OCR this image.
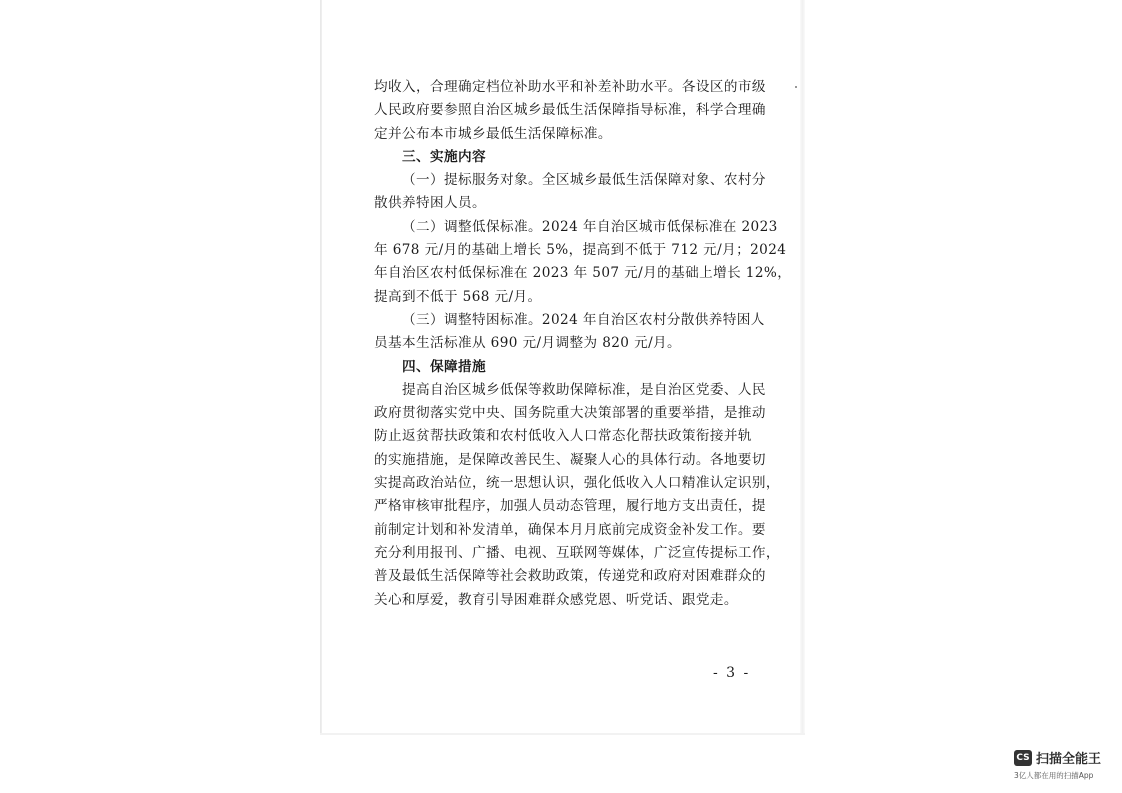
均收入，合理确定档位补助水平和补差补助水平。各设区的市级
人民政府要参照自治区城乡最低生活保障指导标准，科学合理确
定并公布本市城乡最低生活保障标准。
三、实施内容
（一）提标服务对象。全区城乡最低生活保障对象、农村分
散供养特困人员。
（二）调整低保标准。2024 年自治区城市低保标准在 2023
年 678 元/月的基础上增长 5%，提高到不低于 712 元/月；2024
年自治区农村低保标准在 2023 年 507 元/月的基础上增长 12%，
提高到不低于 568 元/月。
（三）调整特困标准。2024 年自治区农村分散供养特困人
员基本生活标准从 690 元/月调整为 820 元/月。
四、保障措施
提高自治区城乡低保等救助保障标准，是自治区党委、人民
政府贯彻落实党中央、国务院重大决策部署的重要举措，是推动
防止返贫帮扶政策和农村低收入人口常态化帮扶政策衔接并轨
的实施措施，是保障改善民生、凝聚人心的具体行动。各地要切
实提高政治站位，统一思想认识，强化低收入人口精准认定识别，
严格审核审批程序，加强人员动态管理，履行地方支出责任，提
前制定计划和补发清单，确保本月月底前完成资金补发工作。要
充分利用报刊、广播、电视、互联网等媒体，广泛宣传提标工作，
普及最低生活保障等社会救助政策，传递党和政府对困难群众的
关心和厚爱，教育引导困难群众感党恩、听党话、跟党走。
- 3 -
CS 扫描全能王
3亿人都在用的扫描App
